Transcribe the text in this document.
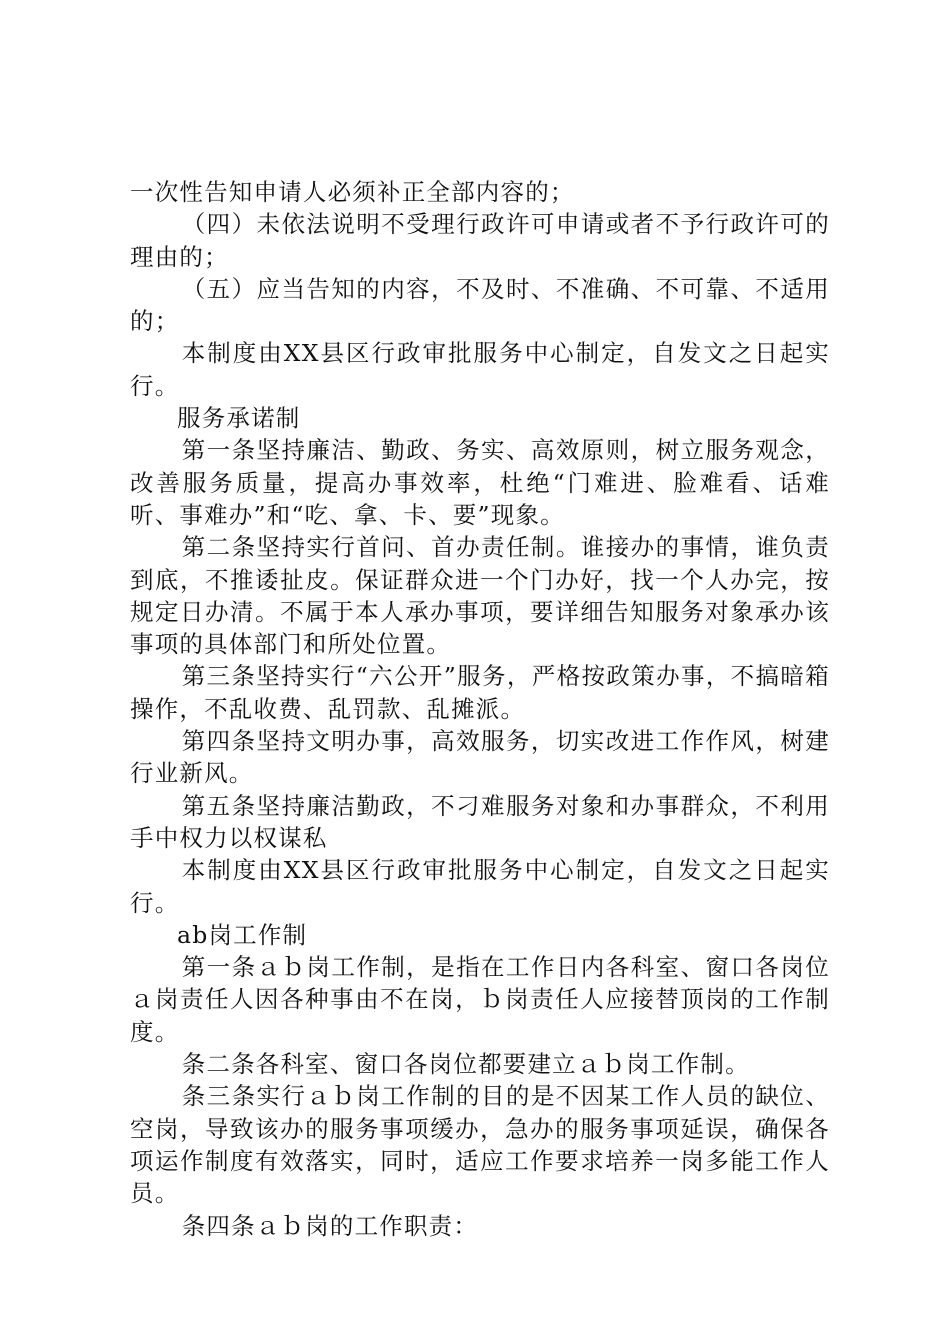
一次性告知申请人必须补正全部内容的；

（四）未依法说明不受理行政许可申请或者不予行政许可的理由的；

（五）应当告知的内容，不及时、不准确、不可靠、不适用的；

本制度由XX县区行政审批服务中心制定，自发文之日起实行。

服务承诺制

第一条坚持廉洁、勤政、务实、高效原则，树立服务观念，改善服务质量，提高办事效率，杜绝“门难进、脸难看、话难听、事难办”和“吃、拿、卡、要”现象。

第二条坚持实行首问、首办责任制。谁接办的事情，谁负责到底，不推诿扯皮。保证群众进一个门办好，找一个人办完，按规定日办清。不属于本人承办事项，要详细告知服务对象承办该事项的具体部门和所处位置。

第三条坚持实行“六公开”服务，严格按政策办事，不搞暗箱操作，不乱收费、乱罚款、乱摊派。

第四条坚持文明办事，高效服务，切实改进工作作风，树建行业新风。

第五条坚持廉洁勤政，不刁难服务对象和办事群众，不利用手中权力以权谋私

本制度由XX县区行政审批服务中心制定，自发文之日起实行。

ab岗工作制

第一条ａｂ岗工作制，是指在工作日内各科室、窗口各岗位ａ岗责任人因各种事由不在岗，ｂ岗责任人应接替顶岗的工作制度。

条二条各科室、窗口各岗位都要建立ａｂ岗工作制。

条三条实行ａｂ岗工作制的目的是不因某工作人员的缺位、空岗，导致该办的服务事项缓办，急办的服务事项延误，确保各项运作制度有效落实，同时，适应工作要求培养一岗多能工作人员。

条四条ａｂ岗的工作职责：
